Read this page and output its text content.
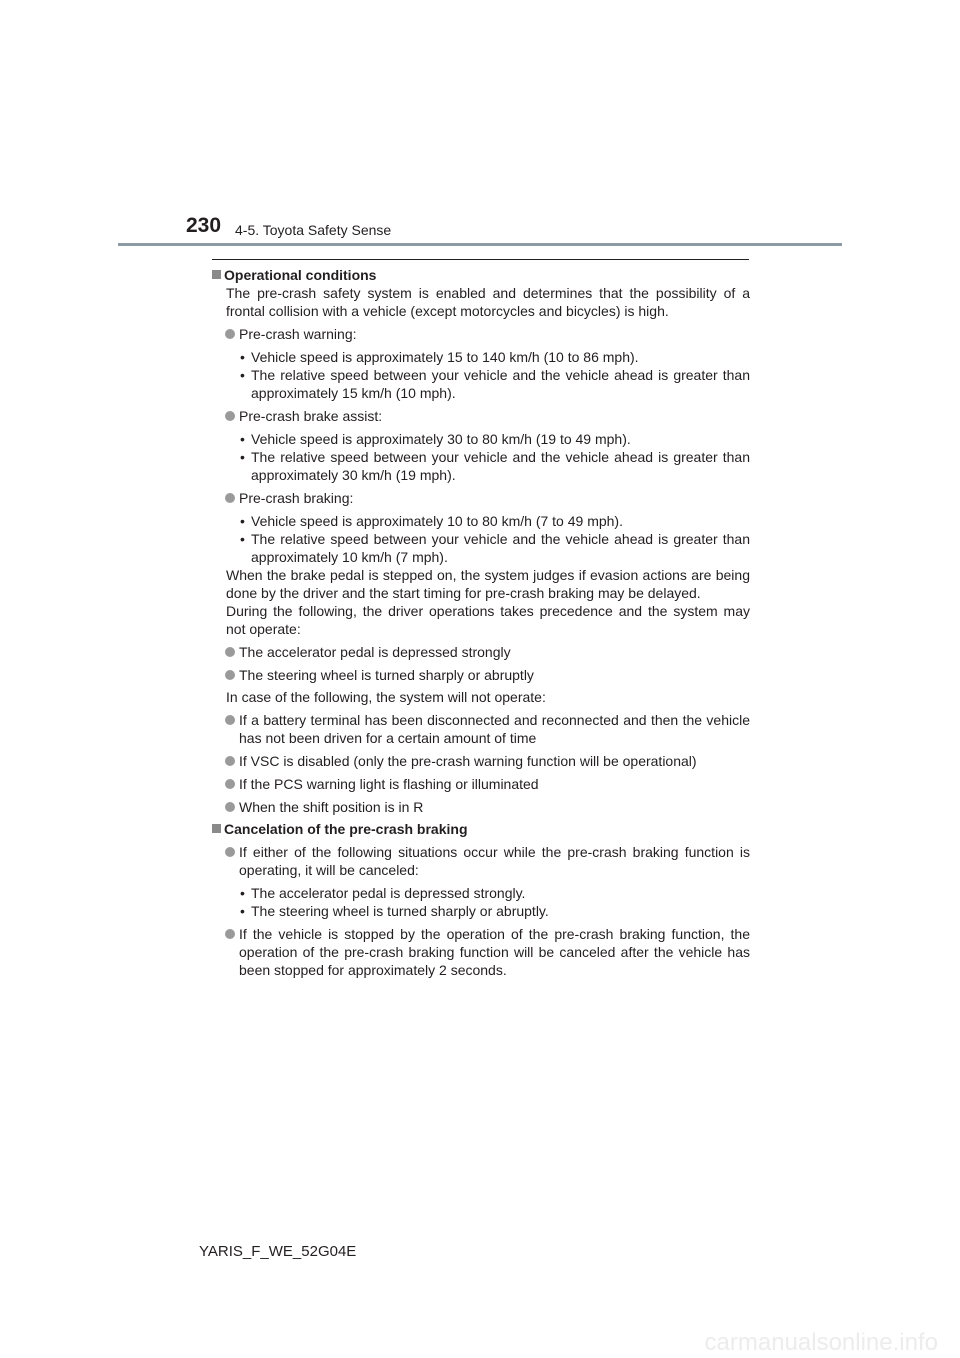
230 4-5. Toyota Safety Sense
Operational conditions
The pre-crash safety system is enabled and determines that the possibility of a frontal collision with a vehicle (except motorcycles and bicycles) is high.
Pre-crash warning:
• Vehicle speed is approximately 15 to 140 km/h (10 to 86 mph).
• The relative speed between your vehicle and the vehicle ahead is greater than approximately 15 km/h (10 mph).
Pre-crash brake assist:
• Vehicle speed is approximately 30 to 80 km/h (19 to 49 mph).
• The relative speed between your vehicle and the vehicle ahead is greater than approximately 30 km/h (19 mph).
Pre-crash braking:
• Vehicle speed is approximately 10 to 80 km/h (7 to 49 mph).
• The relative speed between your vehicle and the vehicle ahead is greater than approximately 10 km/h (7 mph).
When the brake pedal is stepped on, the system judges if evasion actions are being done by the driver and the start timing for pre-crash braking may be delayed.
During the following, the driver operations takes precedence and the system may not operate:
The accelerator pedal is depressed strongly
The steering wheel is turned sharply or abruptly
In case of the following, the system will not operate:
If a battery terminal has been disconnected and reconnected and then the vehicle has not been driven for a certain amount of time
If VSC is disabled (only the pre-crash warning function will be operational)
If the PCS warning light is flashing or illuminated
When the shift position is in R
Cancelation of the pre-crash braking
If either of the following situations occur while the pre-crash braking function is operating, it will be canceled:
• The accelerator pedal is depressed strongly.
• The steering wheel is turned sharply or abruptly.
If the vehicle is stopped by the operation of the pre-crash braking function, the operation of the pre-crash braking function will be canceled after the vehicle has been stopped for approximately 2 seconds.
YARIS_F_WE_52G04E
carmanualsonline.info
